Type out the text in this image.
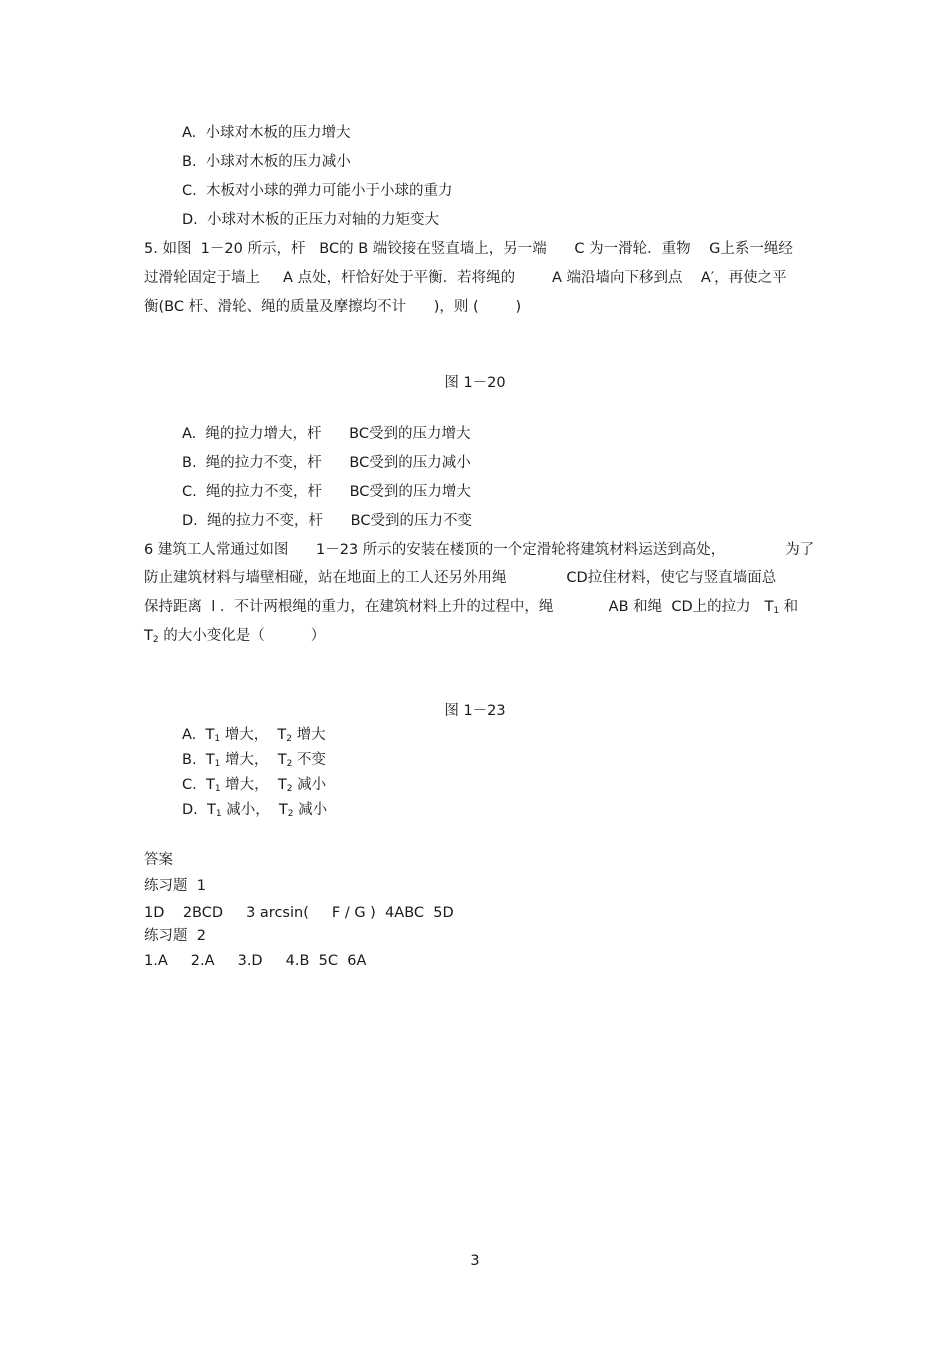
A.  小球对木板的压力增大
B.  小球对木板的压力减小
C.  木板对小球的弹力可能小于小球的重力
D.  小球对木板的正压力对轴的力矩变大
5. 如图  1－20 所示，杆   BC的 B 端铰接在竖直墙上，另一端      C 为一滑轮．重物    G上系一绳经
过滑轮固定于墙上     A 点处，杆恰好处于平衡．若将绳的        A 端沿墙向下移到点    A′，再使之平
衡(BC 杆、滑轮、绳的质量及摩擦均不计      )，则 (        )
图 1－20
A.  绳的拉力增大，杆      BC受到的压力增大
B.  绳的拉力不变，杆      BC受到的压力减小
C.  绳的拉力不变，杆      BC受到的压力增大
D.  绳的拉力不变，杆      BC受到的压力不变
6 建筑工人常通过如图      1－23 所示的安装在楼顶的一个定滑轮将建筑材料运送到高处，             为了
防止建筑材料与墙壁相碰，站在地面上的工人还另外用绳             CD拉住材料，使它与竖直墙面总
保持距离  l ．不计两根绳的重力，在建筑材料上升的过程中，绳            AB 和绳  CD上的拉力   $T_1$ 和
$T_2$ 的大小变化是（          ）
图 1－23
A. $T_1$ 增大， $T_2$ 增大
B. $T_1$ 增大， $T_2$ 不变
C. $T_1$ 增大， $T_2$ 减小
D. $T_1$ 减小， $T_2$ 减小
答案
练习题  1
1D    2BCD     3 arcsin(     F / G )  4ABC  5D
练习题  2
1.A     2.A     3.D     4.B  5C  6A
3
